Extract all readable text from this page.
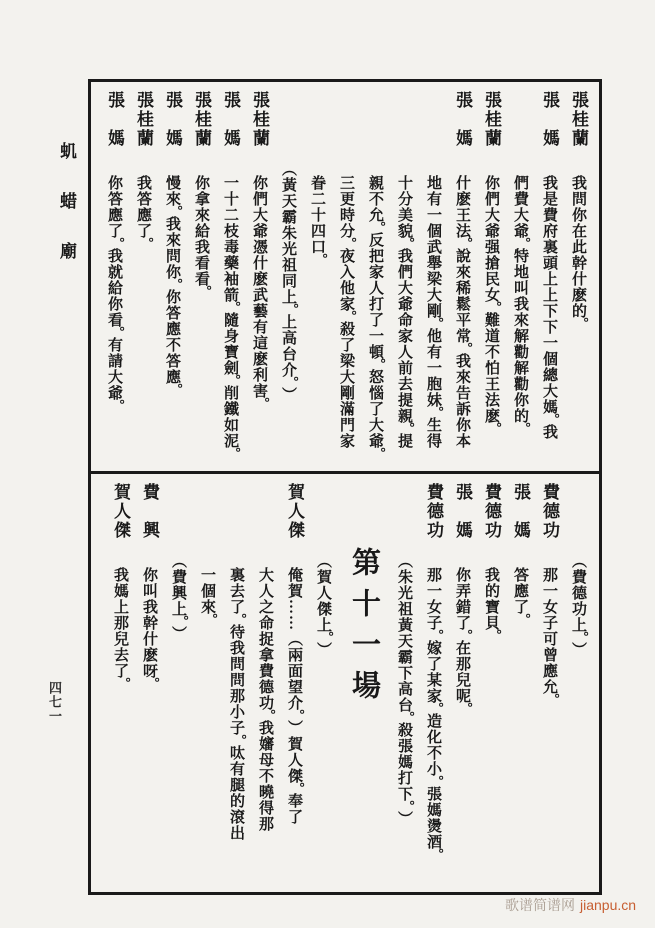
虮蜡廟
張桂蘭我問你在此幹什麽的。
張　媽我是費府裏頭上上下下一個總大媽。我
們費大爺。特地叫我來解勸解勸你的。
張桂蘭你們大爺强搶民女。難道不怕王法麽。
張　媽什麽王法。說來稀鬆平常。我來告訴你本
地有一個武舉梁大剛。他有一胞妹。生得
十分美貌。我們大爺命家人前去提親。提
親不允。反把家人打了一頓。怒惱了大爺。
三更時分。夜入他家。殺了梁大剛滿門家
眷二十四口。
（黃天霸朱光祖同上。上高台介。）
張桂蘭你們大爺憑什麽武藝有這麽利害。
張　媽一十二枝毒藥袖箭。隨身寶劍。削鐵如泥。
張桂蘭你拿來給我看看。
張　媽慢來。我來問你。你答應不答應。
張桂蘭我答應了。
張　媽你答應了。我就給你看。有請大爺。
（費德功上。）
費德功那一女子可曾應允。
張　媽答應了。
費德功我的寶貝。
張　媽你弄錯了。在那兒呢。
費德功那一女子。嫁了某家。造化不小。張媽燙酒。
（朱光祖黃天霸下高台。殺張媽打下。）
第十一場
（賀人傑上。）
賀人傑俺賀……（兩面望介。）賀人傑。奉了
大人之命捉拿費德功。我嬸母不曉得那
裏去了。待我問問那小子。呔有腿的滾出
一個來。
（費興上。）
費　興你叫我幹什麽呀。
賀人傑我媽上那兒去了。
四七一
歌谱简谱网 jianpu.cn
